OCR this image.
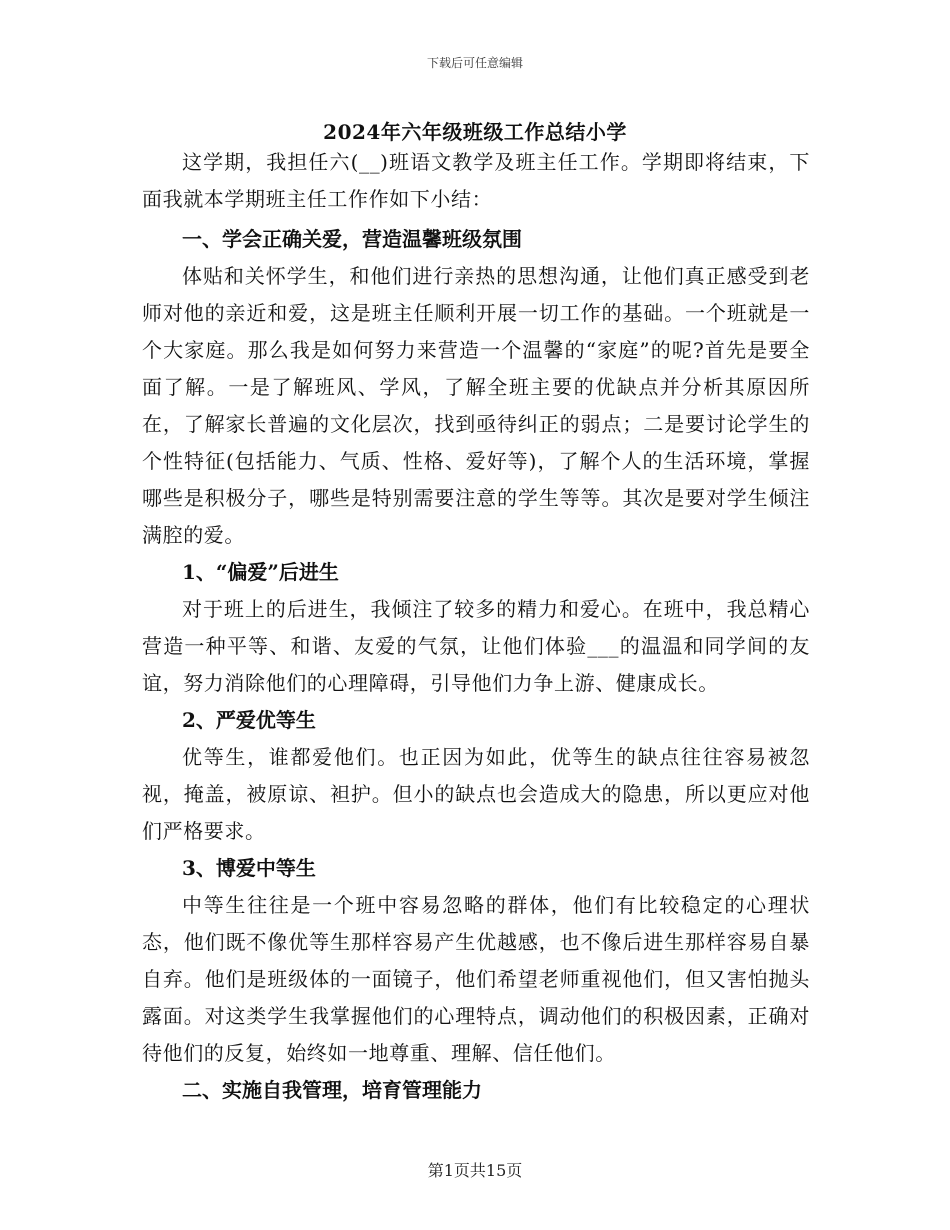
下载后可任意编辑
2024年六年级班级工作总结小学

这学期，我担任六(__)班语文教学及班主任工作。学期即将结束，下面我就本学期班主任工作作如下小结：

一、学会正确关爱，营造温馨班级氛围

体贴和关怀学生，和他们进行亲热的思想沟通，让他们真正感受到老师对他的亲近和爱，这是班主任顺利开展一切工作的基础。一个班就是一个大家庭。那么我是如何努力来营造一个温馨的“家庭”的呢?首先是要全面了解。一是了解班风、学风，了解全班主要的优缺点并分析其原因所在，了解家长普遍的文化层次，找到亟待纠正的弱点；二是要讨论学生的个性特征(包括能力、气质、性格、爱好等)，了解个人的生活环境，掌握哪些是积极分子，哪些是特别需要注意的学生等等。其次是要对学生倾注满腔的爱。

1、“偏爱”后进生

对于班上的后进生，我倾注了较多的精力和爱心。在班中，我总精心营造一种平等、和谐、友爱的气氛，让他们体验___的温温和同学间的友谊，努力消除他们的心理障碍，引导他们力争上游、健康成长。

2、严爱优等生

优等生，谁都爱他们。也正因为如此，优等生的缺点往往容易被忽视，掩盖，被原谅、袒护。但小的缺点也会造成大的隐患，所以更应对他们严格要求。

3、博爱中等生

中等生往往是一个班中容易忽略的群体，他们有比较稳定的心理状态，他们既不像优等生那样容易产生优越感，也不像后进生那样容易自暴自弃。他们是班级体的一面镜子，他们希望老师重视他们，但又害怕抛头露面。对这类学生我掌握他们的心理特点，调动他们的积极因素，正确对待他们的反复，始终如一地尊重、理解、信任他们。

二、实施自我管理，培育管理能力

第1页共15页
